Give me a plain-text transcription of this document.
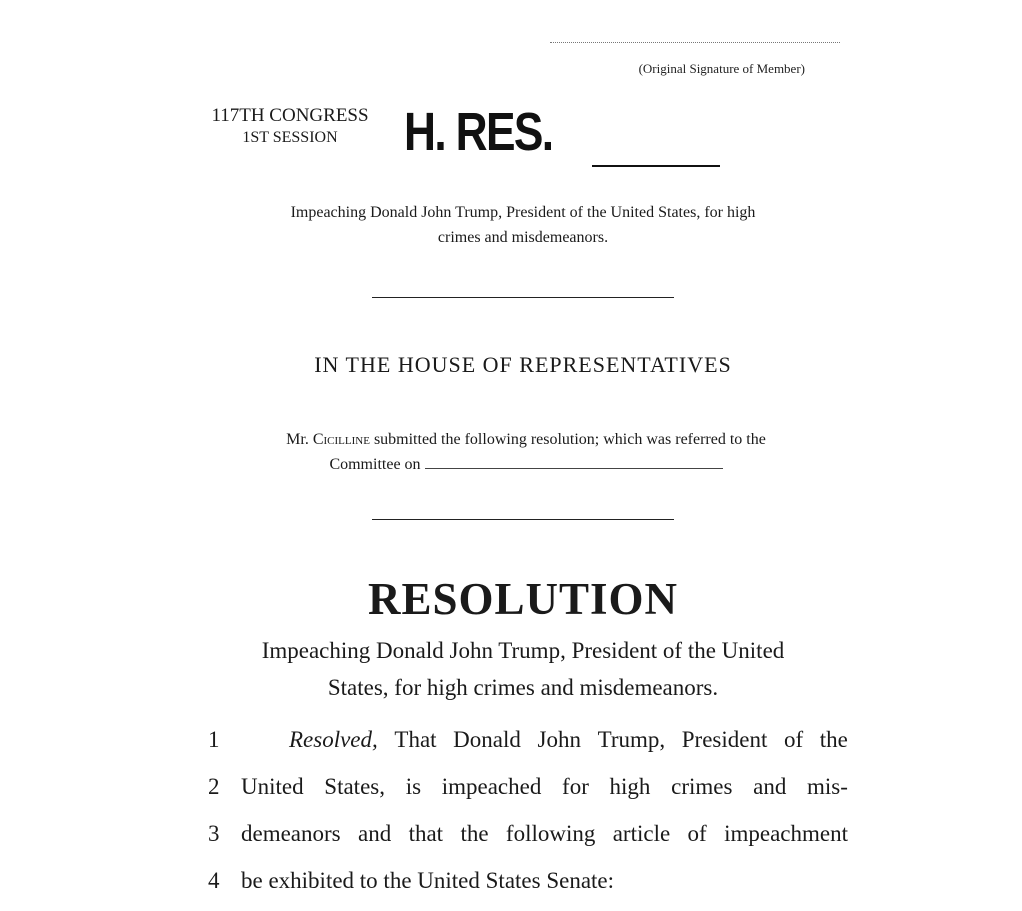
(Original Signature of Member)
117TH CONGRESS
1ST SESSION	H. RES.
Impeaching Donald John Trump, President of the United States, for high
crimes and misdemeanors.
IN THE HOUSE OF REPRESENTATIVES
Mr. Cicilline submitted the following resolution; which was referred to the
Committee on
RESOLUTION
Impeaching Donald John Trump, President of the United
States, for high crimes and misdemeanors.
1	Resolved, That Donald John Trump, President of the
2 United States, is impeached for high crimes and mis-
3 demeanors and that the following article of impeachment
4 be exhibited to the United States Senate:
